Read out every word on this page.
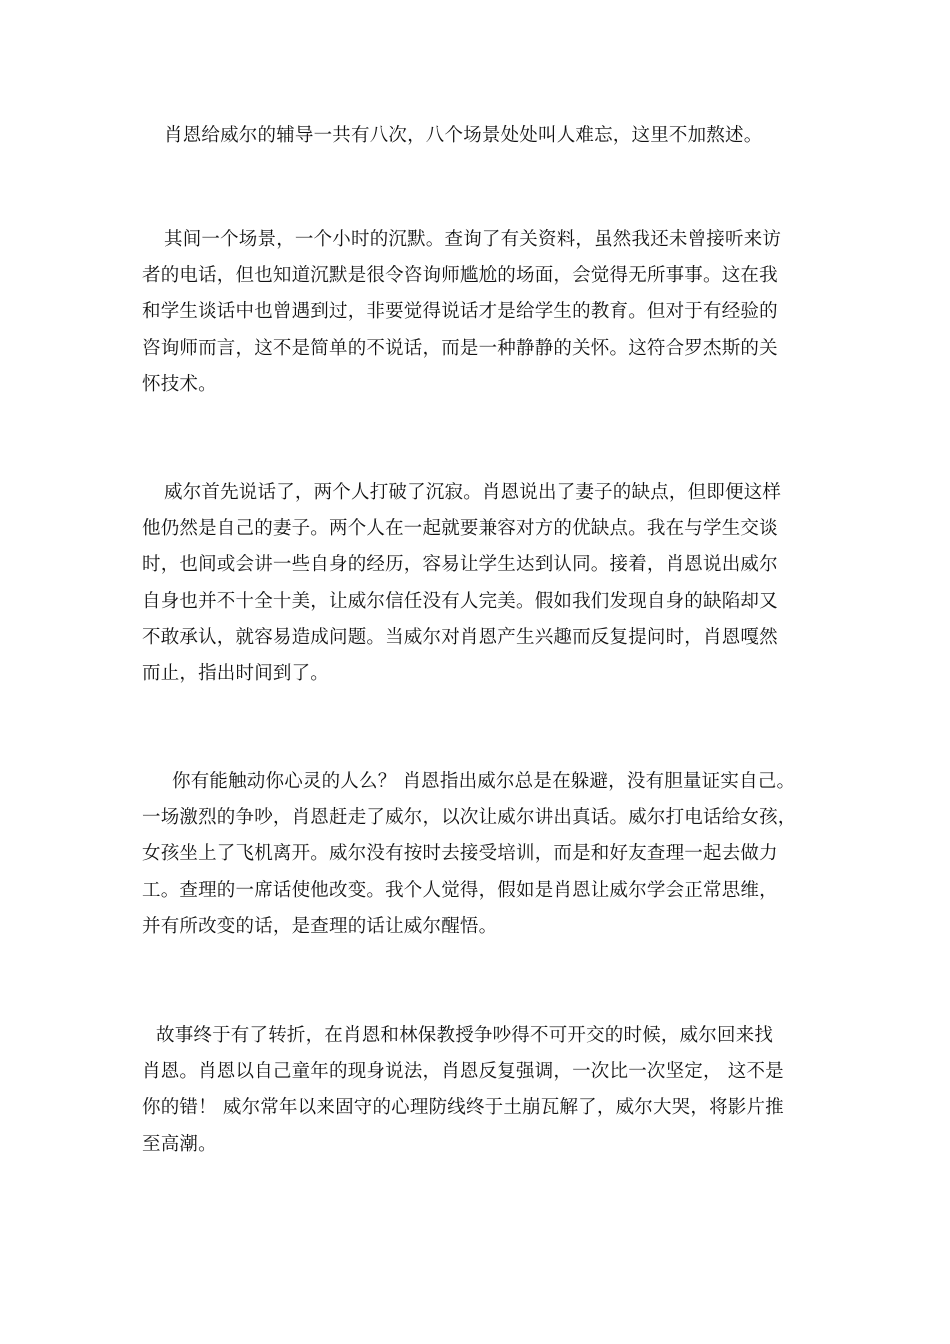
肖恩给威尔的辅导一共有八次，八个场景处处叫人难忘，这里不加熬述。

其间一个场景，一个小时的沉默。查询了有关资料，虽然我还未曾接听来访
者的电话，但也知道沉默是很令咨询师尴尬的场面，会觉得无所事事。这在我
和学生谈话中也曾遇到过，非要觉得说话才是给学生的教育。但对于有经验的
咨询师而言，这不是简单的不说话，而是一种静静的关怀。这符合罗杰斯的关
怀技术。

威尔首先说话了，两个人打破了沉寂。肖恩说出了妻子的缺点，但即便这样
他仍然是自己的妻子。两个人在一起就要兼容对方的优缺点。我在与学生交谈
时，也间或会讲一些自身的经历，容易让学生达到认同。接着，肖恩说出威尔
自身也并不十全十美，让威尔信任没有人完美。假如我们发现自身的缺陷却又
不敢承认，就容易造成问题。当威尔对肖恩产生兴趣而反复提问时，肖恩嘎然
而止，指出时间到了。

你有能触动你心灵的人么？ 肖恩指出威尔总是在躲避，没有胆量证实自己。
一场激烈的争吵，肖恩赶走了威尔，以次让威尔讲出真话。威尔打电话给女孩，
女孩坐上了飞机离开。威尔没有按时去接受培训，而是和好友查理一起去做力
工。查理的一席话使他改变。我个人觉得，假如是肖恩让威尔学会正常思维，
并有所改变的话，是查理的话让威尔醒悟。

故事终于有了转折，在肖恩和林保教授争吵得不可开交的时候，威尔回来找
肖恩。肖恩以自己童年的现身说法，肖恩反复强调，一次比一次坚定， 这不是
你的错！ 威尔常年以来固守的心理防线终于土崩瓦解了，威尔大哭，将影片推
至高潮。
